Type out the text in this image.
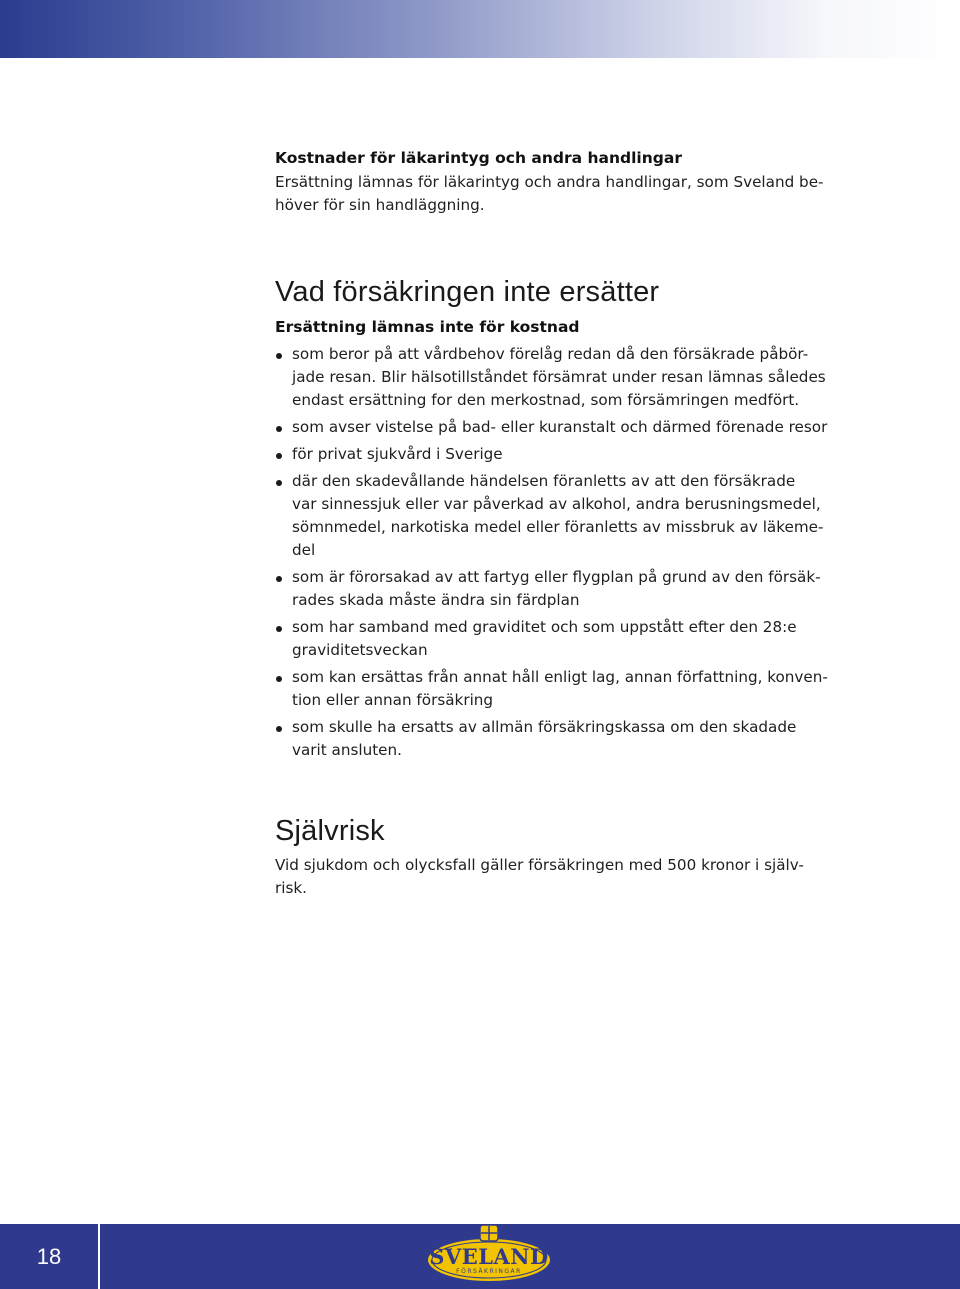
Kostnader för läkarintyg och andra handlingar

Ersättning lämnas för läkarintyg och andra handlingar, som Sveland be-
höver för sin handläggning.

Vad försäkringen inte ersätter
Ersättning lämnas inte för kostnad
som beror på att vårdbehov förelåg redan då den försäkrade påbör-
jade resan. Blir hälsotillståndet försämrat under resan lämnas således
endast ersättning for den merkostnad, som försämringen medfört.
som avser vistelse på bad- eller kuranstalt och därmed förenade resor
för privat sjukvård i Sverige
där den skadevållande händelsen föranletts av att den försäkrade
var sinnessjuk eller var påverkad av alkohol, andra berusningsmedel,
sömnmedel, narkotiska medel eller föranletts av missbruk av läkeme-
del
som är förorsakad av att fartyg eller flygplan på grund av den försäk-
rades skada måste ändra sin färdplan
som har samband med graviditet och som uppstått efter den 28:e
graviditetsveckan
som kan ersättas från annat håll enligt lag, annan författning, konven-
tion eller annan försäkring
som skulle ha ersatts av allmän försäkringskassa om den skadade
varit ansluten.
Självrisk

Vid sjukdom och olycksfall gäller försäkringen med 500 kronor i själv-
risk.

18	SVELAND
FÖRSÄKRINGAR
